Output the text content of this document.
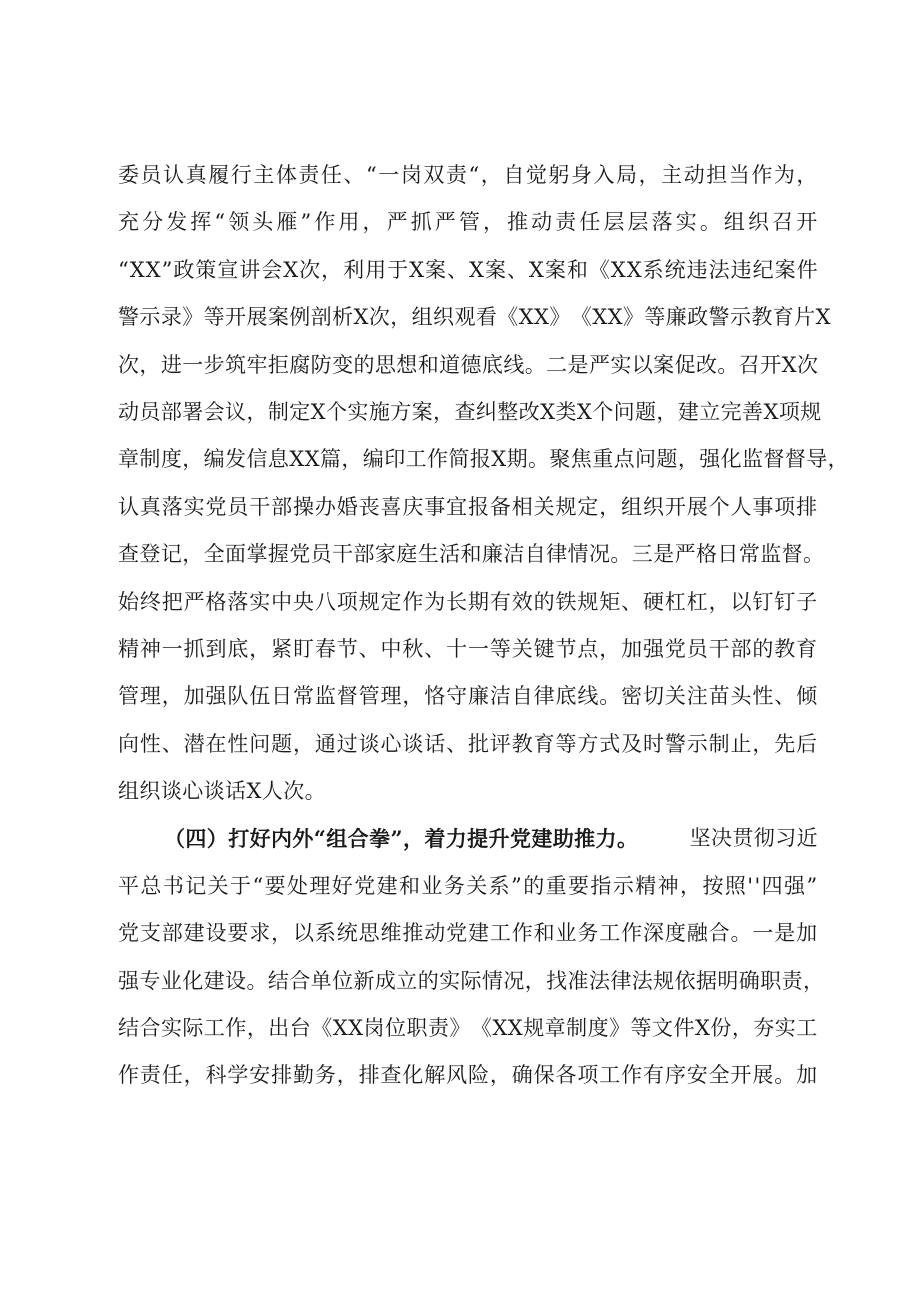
委 员 认 真 履 行 主 体 责 任 、 “ 一 岗 双 责 “ ， 自 觉 躬 身 入 局 ， 主 动 担 当 作 为 ，
充 分 发 挥 “ 领 头 雁 ” 作 用 ， 严 抓 严 管 ， 推 动 责 任 层 层 落 实 。 组 织 召 开
“ X X ” 政 策 宣 讲 会 X 次 ， 利 用 于 X 案 、 X 案 、 X 案 和 《 X X 系 统 违 法 违 纪 案 件
警 示 录 》 等 开 展 案 例 剖 析 X 次 ， 组 织 观 看 《 X X 》 《 X X 》 等 廉 政 警 示 教 育 片 X
次 ， 进 一 步 筑 牢 拒 腐 防 变 的 思 想 和 道 德 底 线 。 二 是 严 实 以 案 促 改 。 召 开 X 次
动 员 部 署 会 议 ， 制 定 X 个 实 施 方 案 ， 查 纠 整 改 X 类 X 个 问 题 ， 建 立 完 善 X 项 规
章 制 度 ， 编 发 信 息 X X 篇 ， 编 印 工 作 简 报 X 期 。 聚 焦 重 点 问 题 ， 强 化 监 督 督 导 ，
认 真 落 实 党 员 干 部 操 办 婚 丧 喜 庆 事 宜 报 备 相 关 规 定 ， 组 织 开 展 个 人 事 项 排
查 登 记 ， 全 面 掌 握 党 员 干 部 家 庭 生 活 和 廉 洁 自 律 情 况 。 三 是 严 格 日 常 监 督 。
始 终 把 严 格 落 实 中 央 八 项 规 定 作 为 长 期 有 效 的 铁 规 矩 、 硬 杠 杠 ， 以 钉 钉 子
精 神 一 抓 到 底 ， 紧 盯 春 节 、 中 秋 、 十 一 等 关 键 节 点 ， 加 强 党 员 干 部 的 教 育
管 理 ， 加 强 队 伍 日 常 监 督 管 理 ， 恪 守 廉 洁 自 律 底 线 。 密 切 关 注 苗 头 性 、 倾
向 性 、 潜 在 性 问 题 ， 通 过 谈 心 谈 话 、 批 评 教 育 等 方 式 及 时 警 示 制 止 ， 先 后
组 织 谈 心 谈 话 X 人 次 。
（四）打好内外“组合拳”，着力提升党建助推力。 坚决贯彻习近
平 总 书 记 关 于 “ 要 处 理 好 党 建 和 业 务 关 系 ” 的 重 要 指 示 精 神 ， 按 照 ' ' 四 强 ”
党 支 部 建 设 要 求 ， 以 系 统 思 维 推 动 党 建 工 作 和 业 务 工 作 深 度 融 合 。 一 是 加
强 专 业 化 建 设 。 结 合 单 位 新 成 立 的 实 际 情 况 ， 找 准 法 律 法 规 依 据 明 确 职 责 ，
结 合 实 际 工 作 ， 出 台 《 X X 岗 位 职 责 》 《 X X 规 章 制 度 》 等 文 件 X 份 ， 夯 实 工
作 责 任 ， 科 学 安 排 勤 务 ， 排 查 化 解 风 险 ， 确 保 各 项 工 作 有 序 安 全 开 展 。 加
